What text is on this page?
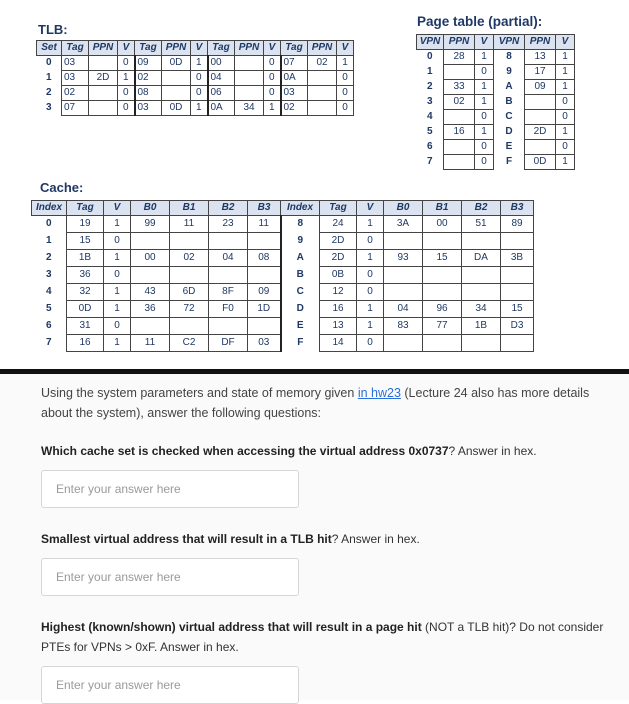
TLB:
Set	Tag	PPN	V	Tag	PPN	V	Tag	PPN	V	Tag	PPN	V
0	03		0	09	0D	1	00		0	07	02	1
1	03	2D	1	02		0	04		0	0A		0
2	02		0	08		0	06		0	03		0
3	07		0	03	0D	1	0A	34	1	02		0
Page table (partial):
VPN	PPN	V	VPN	PPN	V
0	28	1	8	13	1
1		0	9	17	1
2	33	1	A	09	1
3	02	1	B		0
4		0	C		0
5	16	1	D	2D	1
6		0	E		0
7		0	F	0D	1
Cache:
Index	Tag	V	B0	B1	B2	B3	Index	Tag	V	B0	B1	B2	B3
0	19	1	99	11	23	11	8	24	1	3A	00	51	89
1	15	0					9	2D	0				
2	1B	1	00	02	04	08	A	2D	1	93	15	DA	3B
3	36	0					B	0B	0				
4	32	1	43	6D	8F	09	C	12	0				
5	0D	1	36	72	F0	1D	D	16	1	04	96	34	15
6	31	0					E	13	1	83	77	1B	D3
7	16	1	11	C2	DF	03	F	14	0				

Using the system parameters and state of memory given in hw23 (Lecture 24 also has more details about the system), answer the following questions:

Which cache set is checked when accessing the virtual address 0x0737? Answer in hex.

Enter your answer here

Smallest virtual address that will result in a TLB hit? Answer in hex.

Enter your answer here

Highest (known/shown) virtual address that will result in a page hit (NOT a TLB hit)? Do not consider PTEs for VPNs > 0xF. Answer in hex.

Enter your answer here
